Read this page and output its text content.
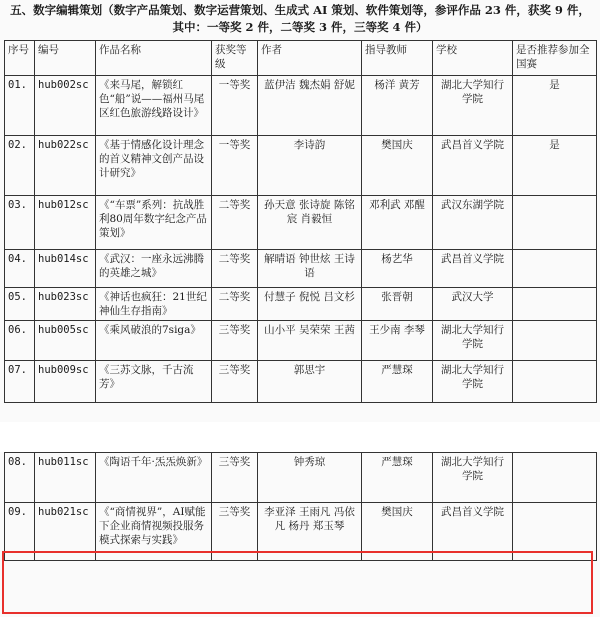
五、数字编辑策划（数字产品策划、数字运营策划、生成式 AI 策划、软件策划等，参评作品 23 件，获奖 9 件，其中：一等奖 2 件，二等奖 3 件，三等奖 4 件）
序号	编号	作品名称	获奖等级	作者	指导教师	学校	是否推荐参加全国赛
01.	hub002sc	《来马尾，解锁红色“船”说——福州马尾区红色旅游线路设计》	一等奖	蓝伊洁 魏杰娟 舒妮	杨洋 黄芳	湖北大学知行学院	是
02.	hub022sc	《基于情感化设计理念的首义精神文创产品设计研究》	一等奖	李诗韵	樊国庆	武昌首义学院	是
03.	hub012sc	《“车票”系列：抗战胜利80周年数字纪念产品策划》	二等奖	孙天意 张诗旋 陈铭宸 肖毅恒	邓利武 邓醒	武汉东湖学院	
04.	hub014sc	《武汉：一座永远沸腾的英雄之城》	二等奖	解晴语 钟世炫 王诗语	杨艺华	武昌首义学院	
05.	hub023sc	《神话也疯狂：21世纪神仙生存指南》	二等奖	付慧子 倪悦 吕文杉	张晋朝	武汉大学	
06.	hub005sc	《乘风破浪的7siga》	三等奖	山小平 吴荣荣 王茜	王少南 李琴	湖北大学知行学院	
07.	hub009sc	《三苏文脉，千古流芳》	三等奖	郭思宇	严慧琛	湖北大学知行学院	
08.	hub011sc	《陶语千年·炁炁焕新》	三等奖	钟秀琼	严慧琛	湖北大学知行学院	
09.	hub021sc	《“商情视界”，AI赋能下企业商情视频投服务模式探索与实践》	三等奖	李亚泽 王雨凡 冯依凡 杨丹 郑玉琴	樊国庆	武昌首义学院	
